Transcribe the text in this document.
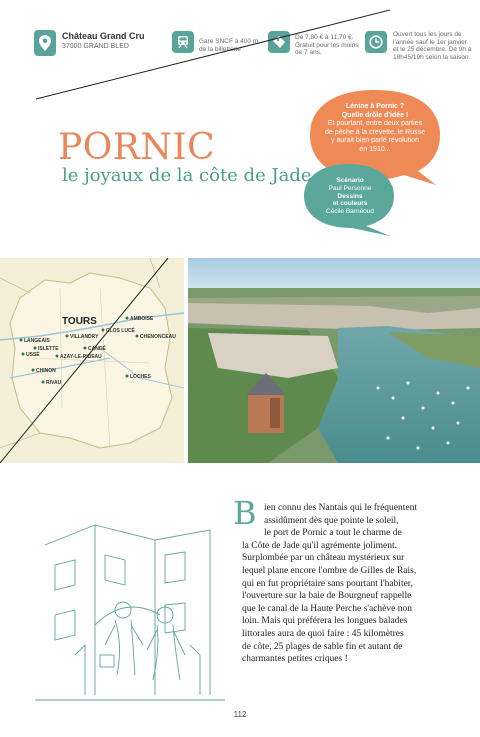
Château Grand Cru
37000 GRAND BLED
Gare SNCF à 400 m
de la billetterie
De 7,80 € à 11,70 €.
Gratuit pour les moins
de 7 ans.
Ouvert tous les jours de
l'année sauf le 1er janvier
et le 25 décembre. De 9h à
18h45/19h selon la saison.
PORNIC
le joyaux de la côte de Jade
Lénine à Pornic ?
Quelle drôle d'idée !
Et pourtant, entre deux parties
de pêche à la crevette, le Russe
y aurait bien parlé révolution
en 1910...
Scénario
Paul Personne
Dessins
et couleurs
Cécile Barnéoud
TOURS	AMBOISE
CLOS LUCÉ
CHENONCEAU
LANGEAIS
VILLANDRY
ISLETTE	CANDÉ
USSÉ	AZAY-LE-RIDEAU
CHINON
RIVAU
LOCHES
B ien connu des Nantais qui le fréquentent
assidûment dès que pointe le soleil,
le port de Pornic a tout le charme de
la Côte de Jade qu'il agrémente joliment.
Surplombée par un château mystérieux sur
lequel plane encore l'ombre de Gilles de Rais,
qui en fut propriétaire sans pourtant l'habiter,
l'ouverture sur la baie de Bourgneuf rappelle
que le canal de la Haute Perche s'achève non
loin. Mais qui préférera les longues balades
littorales aura de quoi faire : 45 kilomètres
de côte, 25 plages de sable fin et autant de
charmantes petites criques !
112
